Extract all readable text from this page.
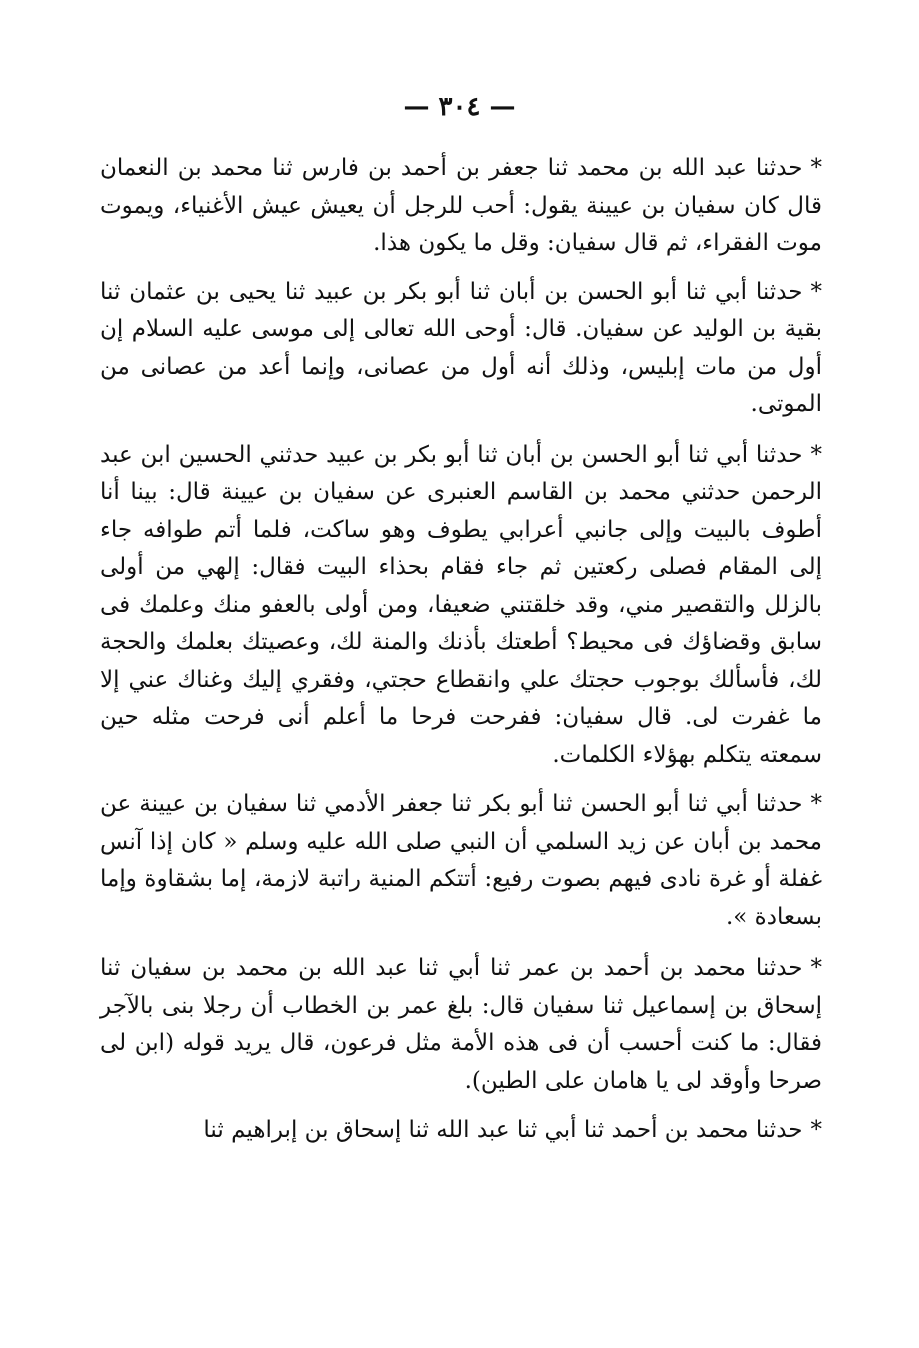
— ٣٠٤ —

*حدثنا عبد الله بن محمد ثنا جعفر بن أحمد بن فارس ثنا محمد بن النعمان قال كان سفيان بن عيينة يقول: أحب للرجل أن يعيش عيش الأغنياء، ويموت موت الفقراء، ثم قال سفيان: وقل ما يكون هذا.

*حدثنا أبي ثنا أبو الحسن بن أبان ثنا أبو بكر بن عبيد ثنا يحيى بن عثمان ثنا بقية بن الوليد عن سفيان. قال: أوحى الله تعالى إلى موسى عليه السلام إن أول من مات إبليس، وذلك أنه أول من عصانى، وإنما أعد من عصانى من الموتى.

*حدثنا أبي ثنا أبو الحسن بن أبان ثنا أبو بكر بن عبيد حدثني الحسين ابن عبد الرحمن حدثني محمد بن القاسم العنبرى عن سفيان بن عيينة قال: بينا أنا أطوف بالبيت وإلى جانبي أعرابي يطوف وهو ساكت، فلما أتم طوافه جاء إلى المقام فصلى ركعتين ثم جاء فقام بحذاء البيت فقال: إلهي من أولى بالزلل والتقصير مني، وقد خلقتني ضعيفا، ومن أولى بالعفو منك وعلمك فى سابق وقضاؤك فى محيط؟ أطعتك بأذنك والمنة لك، وعصيتك بعلمك والحجة لك، فأسألك بوجوب حجتك علي وانقطاع حجتي، وفقري إليك وغناك عني إلا ما غفرت لى. قال سفيان: ففرحت فرحا ما أعلم أنى فرحت مثله حين سمعته يتكلم بهؤلاء الكلمات.

*حدثنا أبي ثنا أبو الحسن ثنا أبو بكر ثنا جعفر الأدمي ثنا سفيان بن عيينة عن محمد بن أبان عن زيد السلمي أن النبي صلى الله عليه وسلم « كان إذا آنس غفلة أو غرة نادى فيهم بصوت رفيع: أتتكم المنية راتبة لازمة، إما بشقاوة وإما بسعادة ».

*حدثنا محمد بن أحمد بن عمر ثنا أبي ثنا عبد الله بن محمد بن سفيان ثنا إسحاق بن إسماعيل ثنا سفيان قال: بلغ عمر بن الخطاب أن رجلا بنى بالآجر فقال: ما كنت أحسب أن فى هذه الأمة مثل فرعون، قال يريد قوله (ابن لى صرحا وأوقد لى يا هامان على الطين).

*حدثنا محمد بن أحمد ثنا أبي ثنا عبد الله ثنا إسحاق بن إبراهيم ثنا
